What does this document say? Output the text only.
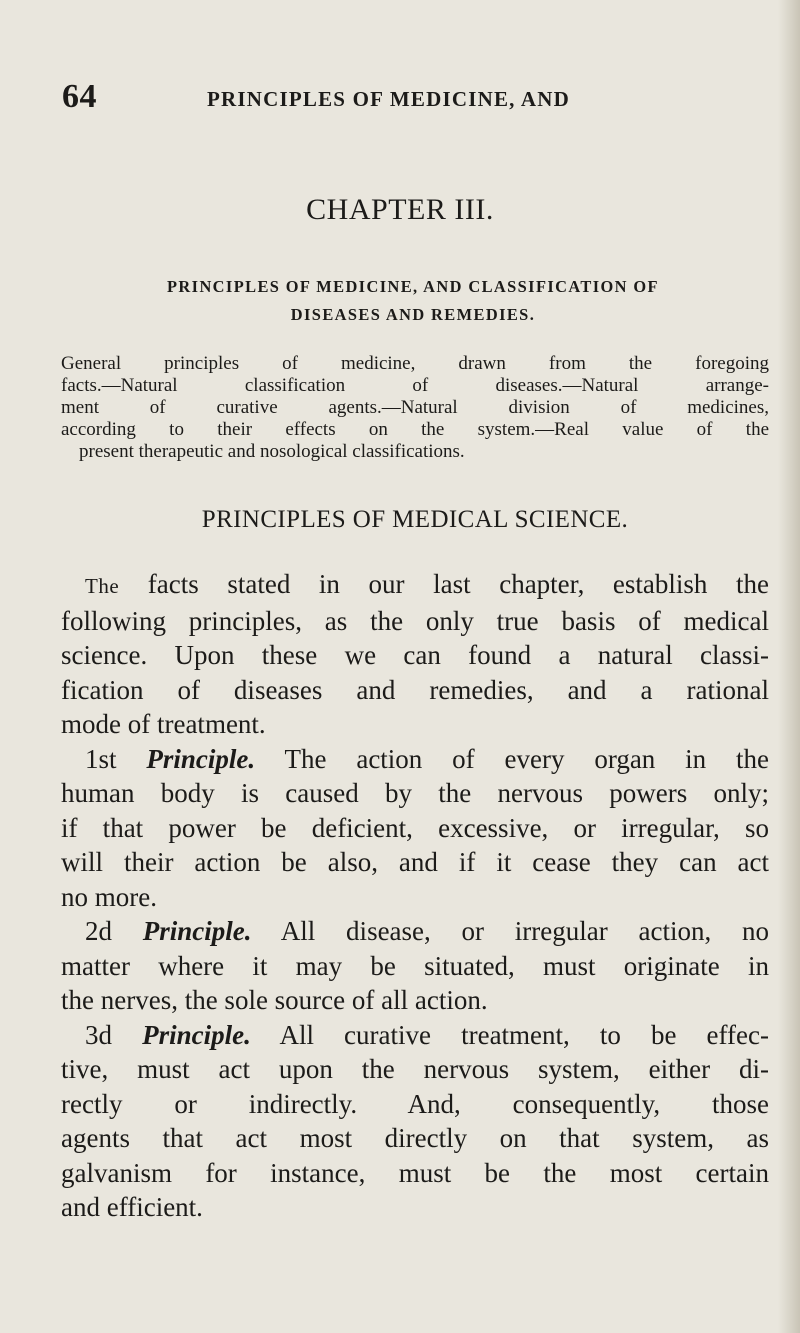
64	PRINCIPLES OF MEDICINE, AND
CHAPTER III.
PRINCIPLES OF MEDICINE, AND CLASSIFICATION OF
DISEASES AND REMEDIES.
General principles of medicine, drawn from the foregoing
facts.—Natural classification of diseases.—Natural arrange-
ment of curative agents.—Natural division of medicines,
according to their effects on the system.—Real value of the
present therapeutic and nosological classifications.
PRINCIPLES OF MEDICAL SCIENCE.
The facts stated in our last chapter, establish the
following principles, as the only true basis of medical
science. Upon these we can found a natural classi-
fication of diseases and remedies, and a rational
mode of treatment.
1st Principle. The action of every organ in the
human body is caused by the nervous powers only;
if that power be deficient, excessive, or irregular, so
will their action be also, and if it cease they can act
no more.
2d Principle. All disease, or irregular action, no
matter where it may be situated, must originate in
the nerves, the sole source of all action.
3d Principle. All curative treatment, to be effec-
tive, must act upon the nervous system, either di-
rectly or indirectly. And, consequently, those
agents that act most directly on that system, as
galvanism for instance, must be the most certain
and efficient.
